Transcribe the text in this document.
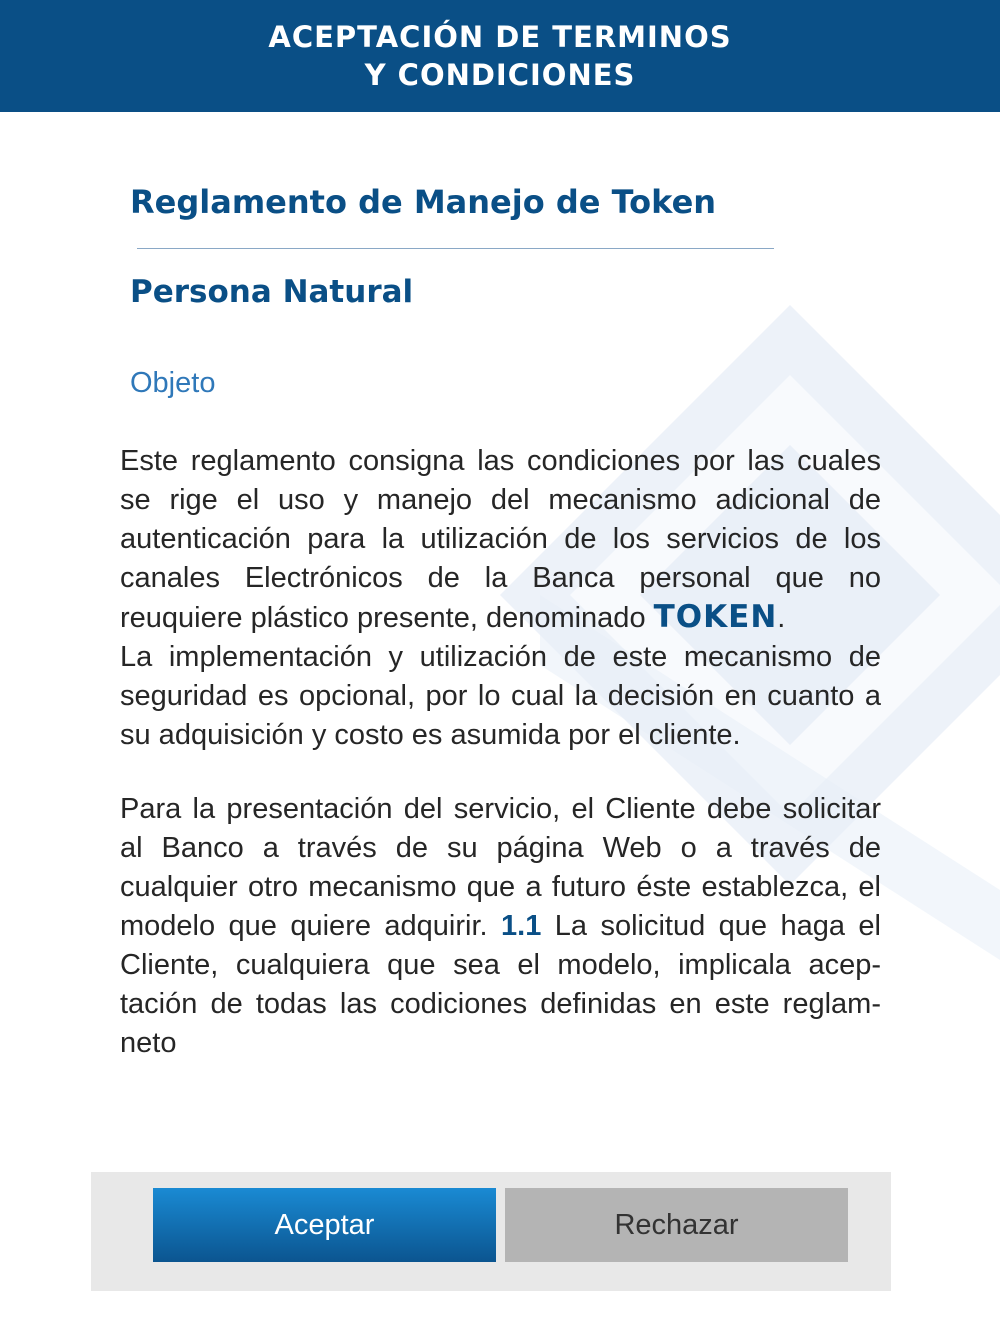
ACEPTACIÓN DE TERMINOS
Y CONDICIONES
Reglamento de Manejo de Token
Persona Natural
Objeto

Este reglamento consigna las condiciones por las cuales se rige el uso y manejo del mecanismo adicional de autenticación para la utilización de los servicios de los canales Electrónicos de la Banca personal que no reuquiere plástico presente, denominado TOKEN.
La implementación y utilización de este mecanismo de seguridad es opcional, por lo cual la decisión en cuanto a su adquisición y costo es asumida por el cliente.

Para la presentación del servicio, el Cliente debe solicitar al Banco a través de su página Web o a través de cualquier otro mecanismo que a futuro éste establezca, el modelo que quiere adquirir. 1.1 La solicitud que haga el Cliente, cualquiera que sea el modelo, implicala aceptación de todas las codiciones definidas en este reglamneto

Aceptar	Rechazar
